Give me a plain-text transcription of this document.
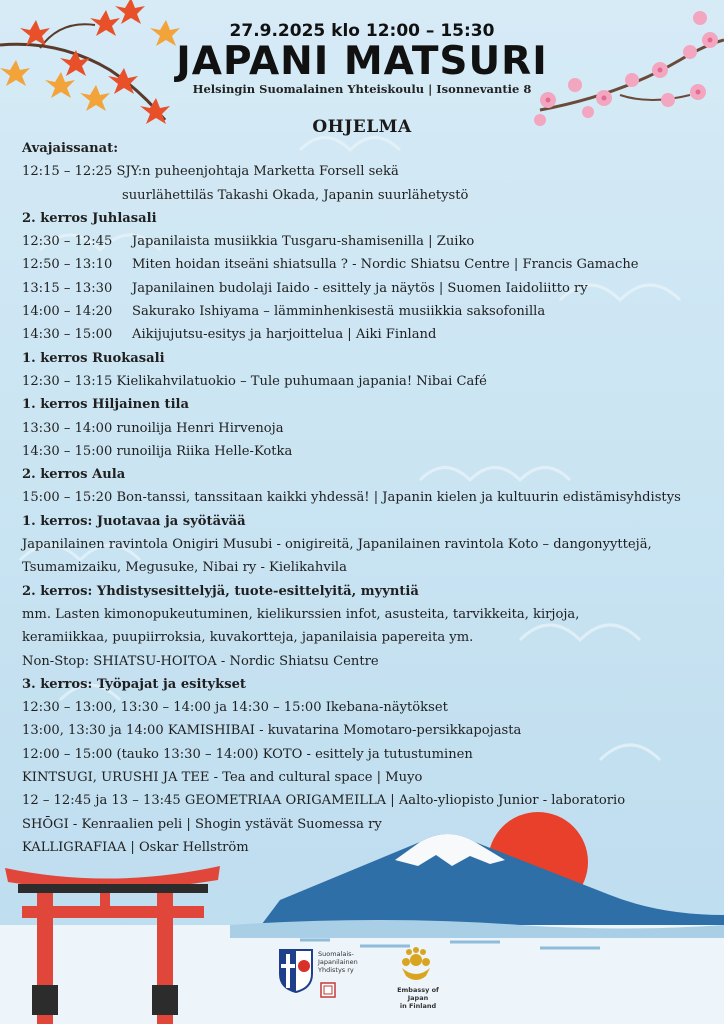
27.9.2025 klo 12:00 – 15:30
JAPANI MATSURI
Helsingin Suomalainen Yhteiskoulu | Isonnevantie 8
OHJELMA
Avajaissanat:
12:15 – 12:25 SJY:n puheenjohtaja Marketta Forsell sekä
suurlähettiläs Takashi Okada, Japanin suurlähetystö
2. kerros Juhlasali
12:30 – 12:45 Japanilaista musiikkia Tusgaru-shamisenilla | Zuiko
12:50 – 13:10 Miten hoidan itseäni shiatsulla ? - Nordic Shiatsu Centre | Francis Gamache
13:15 – 13:30 Japanilainen budolaji Iaido - esittely ja näytös | Suomen Iaidoliitto ry
14:00 – 14:20 Sakurako Ishiyama – lämminhenkisestä musiikkia saksofonilla
14:30 – 15:00 Aikijujutsu-esitys ja harjoittelua | Aiki Finland
1. kerros Ruokasali
12:30 – 13:15 Kielikahvilatuokio – Tule puhumaan japania! Nibai Café
1. kerros Hiljainen tila
13:30 – 14:00 runoilija Henri Hirvenoja
14:30 – 15:00 runoilija Riika Helle-Kotka
2. kerros Aula
15:00 – 15:20 Bon-tanssi, tanssitaan kaikki yhdessä! | Japanin kielen ja kultuurin edistämisyhdistys
1. kerros: Juotavaa ja syötävää
Japanilainen ravintola Onigiri Musubi - onigireitä, Japanilainen ravintola Koto – dangonyyttejä,
Tsumamizaiku, Megusuke, Nibai ry - Kielikahvila
2. kerros: Yhdistysesittelyjä, tuote-esittelyitä, myyntiä
mm. Lasten kimonopukeutuminen, kielikurssien infot, asusteita, tarvikkeita, kirjoja,
keramiikkaa, puupiirroksia, kuvakortteja, japanilaisia papereita ym.
Non-Stop: SHIATSU-HOITOA - Nordic Shiatsu Centre
3. kerros: Työpajat ja esitykset
12:30 – 13:00, 13:30 – 14:00 ja 14:30 – 15:00 Ikebana-näytökset
13:00, 13:30 ja 14:00 KAMISHIBAI - kuvatarina Momotaro-persikkapojasta
12:00 – 15:00 (tauko 13:30 – 14:00) KOTO - esittely ja tutustuminen
KINTSUGI, URUSHI JA TEE - Tea and cultural space | Muyo
12 – 12:45 ja 13 – 13:45 GEOMETRIAA ORIGAMEILLA | Aalto-yliopisto Junior - laboratorio
SHŌGI - Kenraalien peli | Shogin ystävät Suomessa ry
KALLIGRAFIAA | Oskar Hellström
Suomalais-
Japanilainen
Yhdistys ry
Embassy of Japan
in Finland
